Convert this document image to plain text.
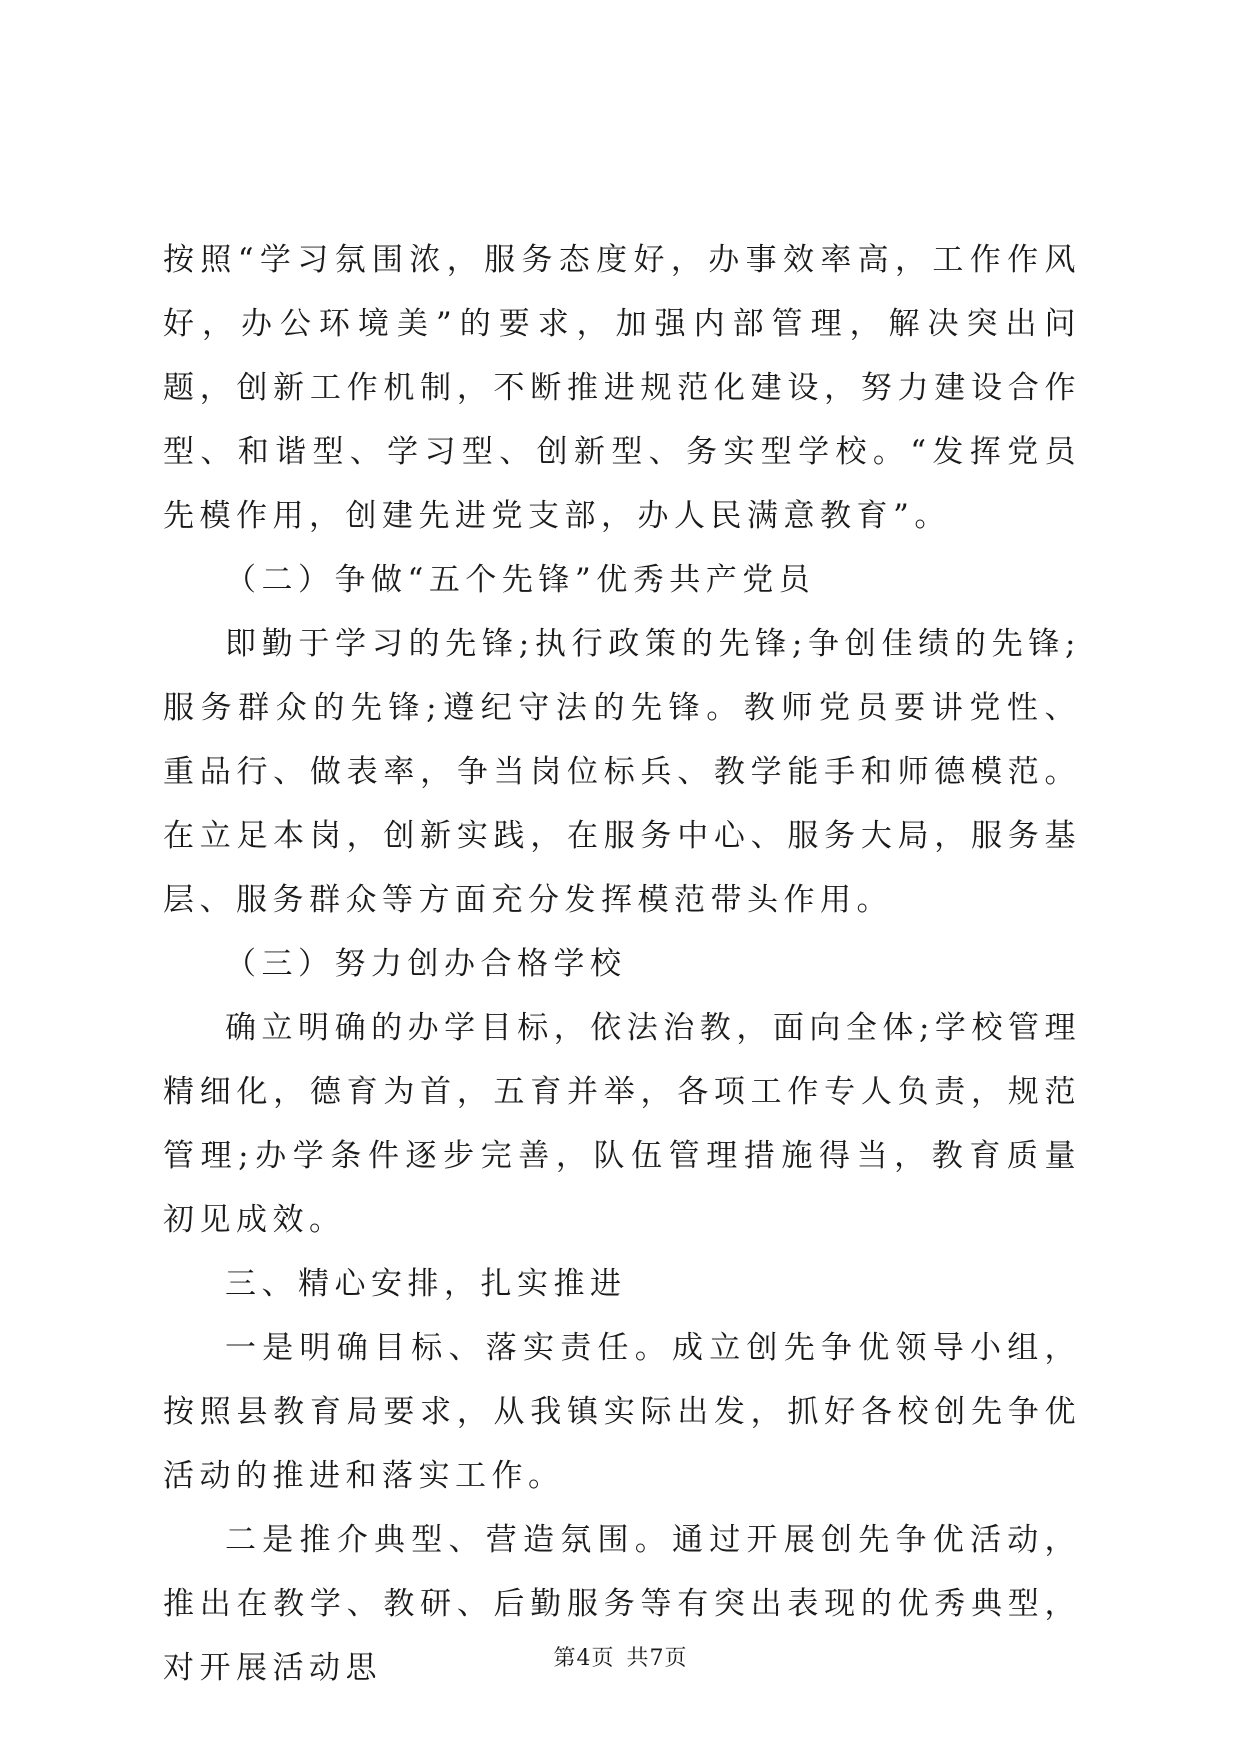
按照“学习氛围浓，服务态度好，办事效率高，工作作风好，办公环境美”的要求，加强内部管理，解决突出问题，创新工作机制，不断推进规范化建设，努力建设合作型、和谐型、学习型、创新型、务实型学校。“发挥党员先模作用，创建先进党支部，办人民满意教育”。

（二）争做“五个先锋”优秀共产党员

即勤于学习的先锋;执行政策的先锋;争创佳绩的先锋;服务群众的先锋;遵纪守法的先锋。教师党员要讲党性、重品行、做表率，争当岗位标兵、教学能手和师德模范。在立足本岗，创新实践，在服务中心、服务大局，服务基层、服务群众等方面充分发挥模范带头作用。

（三）努力创办合格学校

确立明确的办学目标，依法治教，面向全体;学校管理精细化，德育为首，五育并举，各项工作专人负责，规范管理;办学条件逐步完善，队伍管理措施得当，教育质量初见成效。

三、精心安排，扎实推进

一是明确目标、落实责任。成立创先争优领导小组，按照县教育局要求，从我镇实际出发，抓好各校创先争优活动的推进和落实工作。

二是推介典型、营造氛围。通过开展创先争优活动，推出在教学、教研、后勤服务等有突出表现的优秀典型，对开展活动思	第4页 共7页
